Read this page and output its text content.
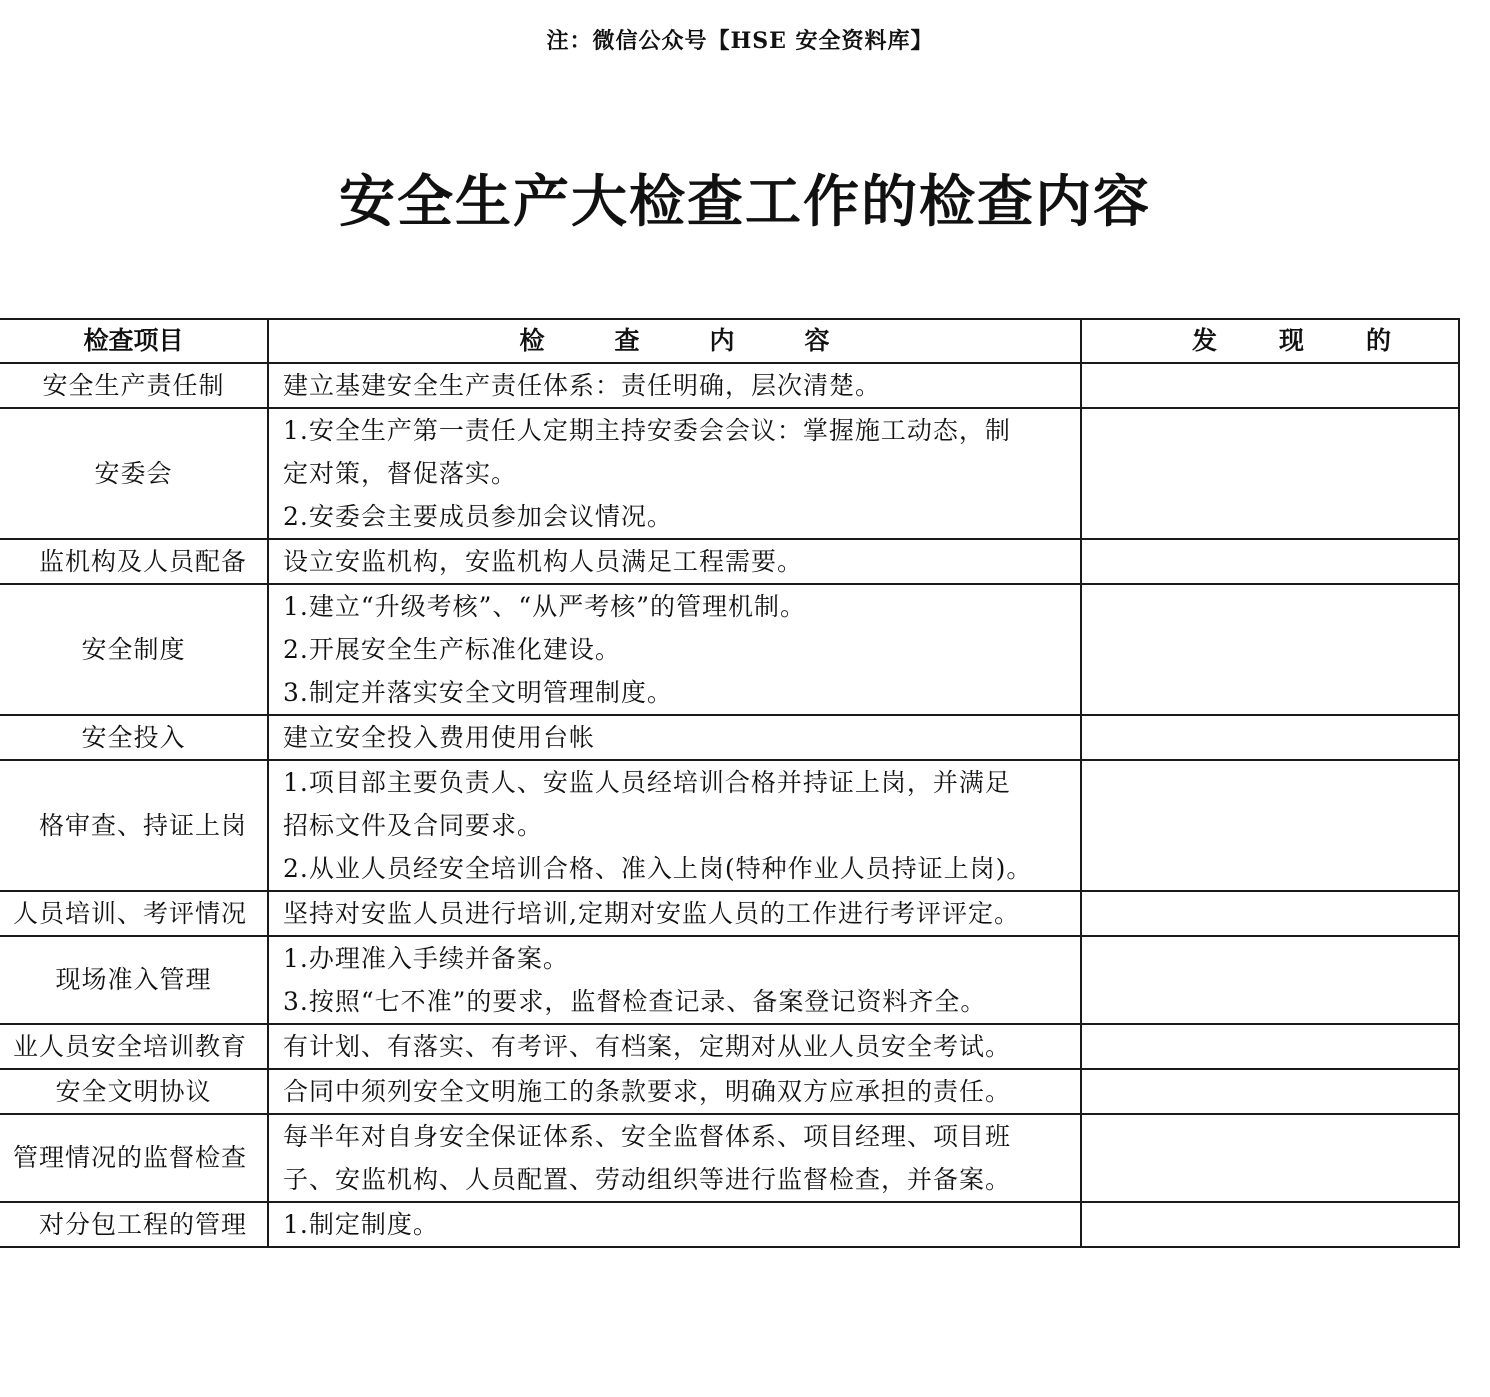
注：微信公众号【HSE 安全资料库】
安全生产大检查工作的检查内容
检查项目	检查内容	发现的
安全生产责任制	建立基建安全生产责任体系：责任明确，层次清楚。	

安委会	1.安全生产第一责任人定期主持安委会会议：掌握施工动态，制
定对策，督促落实。
2.安委会主要成员参加会议情况。	

监机构及人员配备	设立安监机构，安监机构人员满足工程需要。	

安全制度	1.建立“升级考核”、“从严考核”的管理机制。
2.开展安全生产标准化建设。
3.制定并落实安全文明管理制度。	

安全投入	建立安全投入费用使用台帐	

格审查、持证上岗	1.项目部主要负责人、安监人员经培训合格并持证上岗，并满足
招标文件及合同要求。
2.从业人员经安全培训合格、准入上岗(特种作业人员持证上岗)。	

人员培训、考评情况	坚持对安监人员进行培训,定期对安监人员的工作进行考评评定。	

现场准入管理	1.办理准入手续并备案。
3.按照“七不准”的要求，监督检查记录、备案登记资料齐全。	

业人员安全培训教育	有计划、有落实、有考评、有档案，定期对从业人员安全考试。	

安全文明协议	合同中须列安全文明施工的条款要求，明确双方应承担的责任。	

管理情况的监督检查	每半年对自身安全保证体系、安全监督体系、项目经理、项目班
子、安监机构、人员配置、劳动组织等进行监督检查，并备案。	

对分包工程的管理	1.制定制度。	
